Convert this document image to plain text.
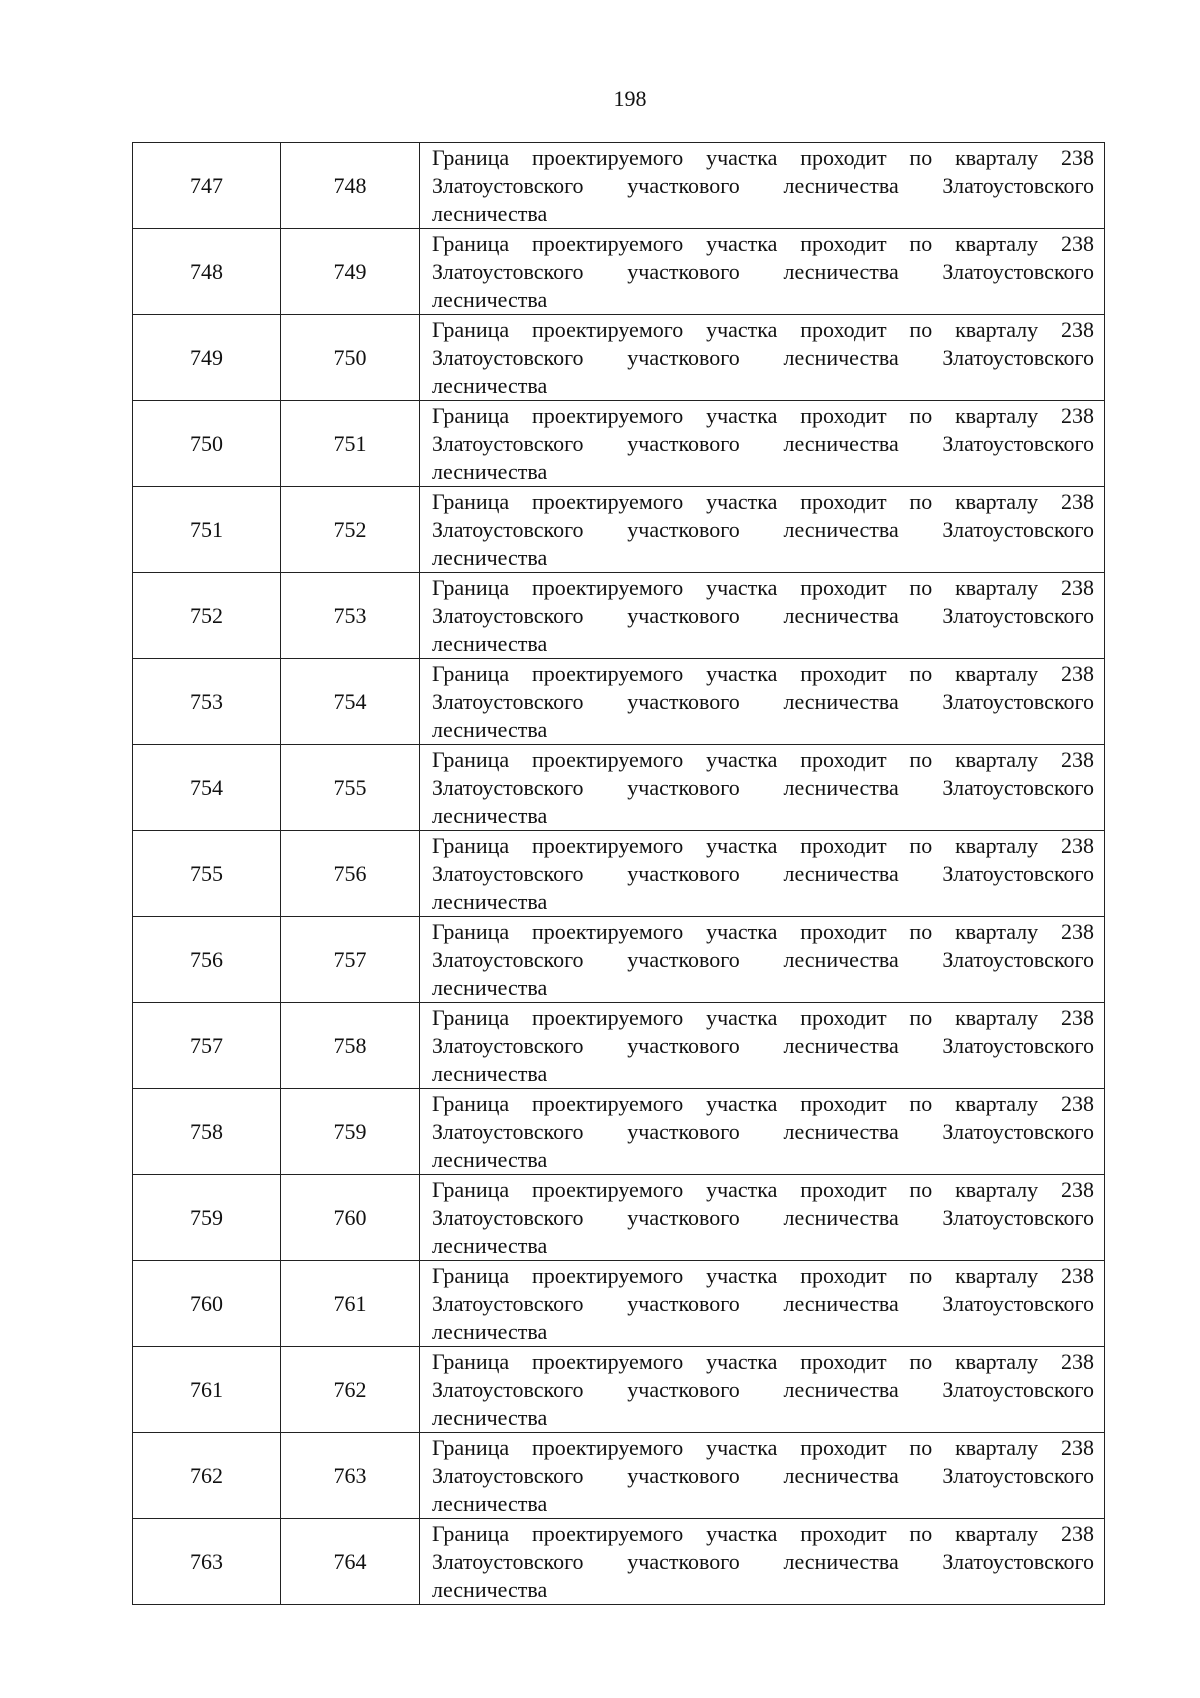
198
747	748	Граница проектируемого участка проходит по кварталу 238 Златоустовского участкового лесничества Златоустовского лесничества
748	749	Граница проектируемого участка проходит по кварталу 238 Златоустовского участкового лесничества Златоустовского лесничества
749	750	Граница проектируемого участка проходит по кварталу 238 Златоустовского участкового лесничества Златоустовского лесничества
750	751	Граница проектируемого участка проходит по кварталу 238 Златоустовского участкового лесничества Златоустовского лесничества
751	752	Граница проектируемого участка проходит по кварталу 238 Златоустовского участкового лесничества Златоустовского лесничества
752	753	Граница проектируемого участка проходит по кварталу 238 Златоустовского участкового лесничества Златоустовского лесничества
753	754	Граница проектируемого участка проходит по кварталу 238 Златоустовского участкового лесничества Златоустовского лесничества
754	755	Граница проектируемого участка проходит по кварталу 238 Златоустовского участкового лесничества Златоустовского лесничества
755	756	Граница проектируемого участка проходит по кварталу 238 Златоустовского участкового лесничества Златоустовского лесничества
756	757	Граница проектируемого участка проходит по кварталу 238 Златоустовского участкового лесничества Златоустовского лесничества
757	758	Граница проектируемого участка проходит по кварталу 238 Златоустовского участкового лесничества Златоустовского лесничества
758	759	Граница проектируемого участка проходит по кварталу 238 Златоустовского участкового лесничества Златоустовского лесничества
759	760	Граница проектируемого участка проходит по кварталу 238 Златоустовского участкового лесничества Златоустовского лесничества
760	761	Граница проектируемого участка проходит по кварталу 238 Златоустовского участкового лесничества Златоустовского лесничества
761	762	Граница проектируемого участка проходит по кварталу 238 Златоустовского участкового лесничества Златоустовского лесничества
762	763	Граница проектируемого участка проходит по кварталу 238 Златоустовского участкового лесничества Златоустовского лесничества
763	764	Граница проектируемого участка проходит по кварталу 238 Златоустовского участкового лесничества Златоустовского лесничества
